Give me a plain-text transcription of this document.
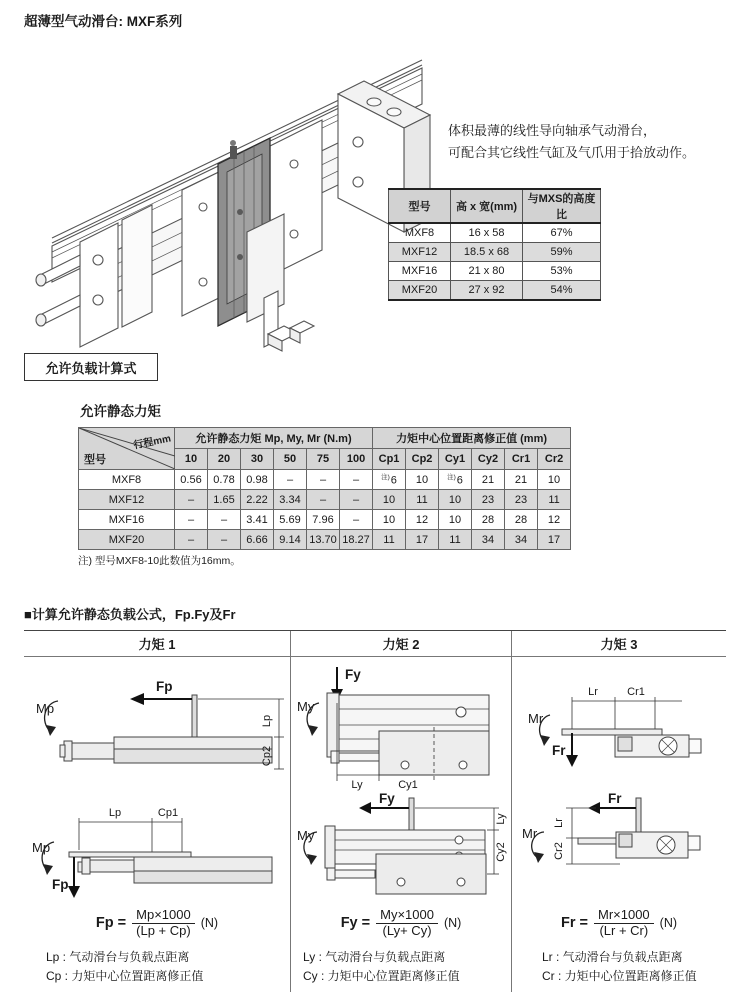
超薄型气动滑台: MXF系列
体积最薄的线性导向轴承气动滑台，
可配合其它线性气缸及气爪用于拾放动作。
型号	高 x 宽(mm)	与MXS的高度比
MXF8	16 x 58	67%
MXF12	18.5 x 68	59%
MXF16	21 x 80	53%
MXF20	27 x 92	54%
允许负载计算式
允许静态力矩
行程mm
型号	允许静态力矩 Mp, My, Mr (N.m)						力矩中心位置距离修正值 (mm)					
	10	20	30	50	75	100	Cp1	Cp2	Cy1	Cy2	Cr1	Cr2
MXF8	0.56	0.78	0.98	–	–	–	$^{注)}$6	10	$^{注)}$6	21	21	10
MXF12	–	1.65	2.22	3.34	–	–	10	11	10	23	23	11
MXF16	–	–	3.41	5.69	7.96	–	10	12	10	28	28	12
MXF20	–	–	6.66	9.14	13.70	18.27	11	17	11	34	34	17
注) 型号MXF8-10此数值为16mm。
■计算允许静态负载公式，Fp.Fy及Fr
力矩 1
Mp
Fp
Lp
Cp2
Lp	Cp1
Mp
Fp
$Fp = \frac{Mp\times 1000}{(Lp + Cp)} (N)$
Lp : 气动滑台与负载点距离
Cp : 力矩中心位置距离修正值
力矩 2
Fy
My
Ly	Cy1
Fy
My
Ly
Cy2
$Fy = \frac{My\times 1000}{(Ly+ Cy)} (N)$
Ly : 气动滑台与负载点距离
Cy : 力矩中心位置距离修正值
力矩 3
Lr	Cr1
Mr
Fr
Fr
Mr
Lr
Cr2
$Fr = \frac{Mr\times 1000}{(Lr + Cr)} (N)$
Lr : 气动滑台与负载点距离
Cr : 力矩中心位置距离修正值
